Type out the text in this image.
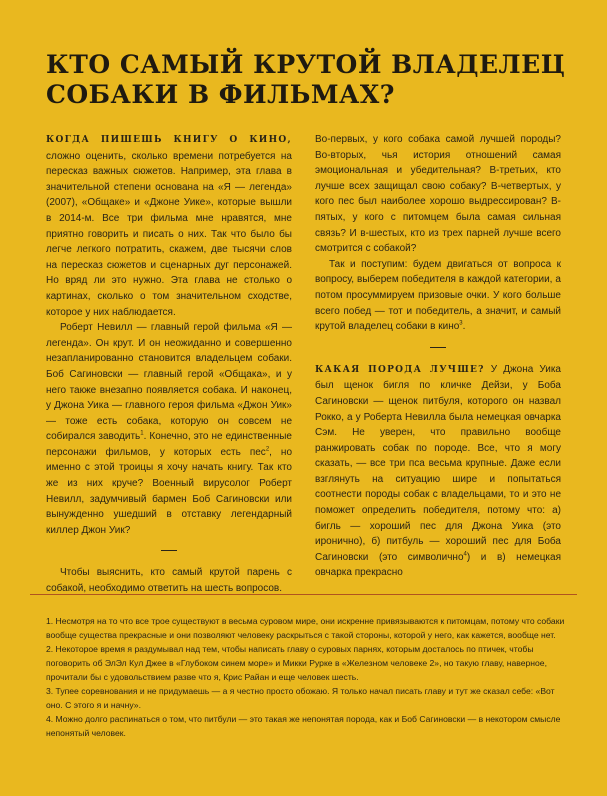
КТО САМЫЙ КРУТОЙ ВЛАДЕЛЕЦ СОБАКИ В ФИЛЬМАХ?

КОГДА ПИШЕШЬ КНИГУ О КИНО, сложно оценить, сколько времени потребуется на пересказ важных сюжетов. Например, эта глава в значительной степени основана на «Я — легенда» (2007), «Общаке» и «Джоне Уике», которые вышли в 2014-м. Все три фильма мне нравятся, мне приятно говорить и писать о них. Так что было бы легче легкого потратить, скажем, две тысячи слов на пересказ сюжетов и сценарных дуг персонажей. Но вряд ли это нужно. Эта глава не столько о картинах, сколько о том значительном сходстве, которое у них наблюдается.

Роберт Невилл — главный герой фильма «Я — легенда». Он крут. И он неожиданно и совершенно незапланированно становится владельцем собаки. Боб Сагиновски — главный герой «Общака», и у него также внезапно появляется собака. И наконец, у Джона Уика — главного героя фильма «Джон Уик» — тоже есть собака, которую он совсем не собирался заводить$^1$. Конечно, это не единственные персонажи фильмов, у которых есть пес$^2$, но именно с этой троицы я хочу начать книгу. Так кто же из них круче? Военный вирусолог Роберт Невилл, задумчивый бармен Боб Сагиновски или вынужденно ушедший в отставку легендарный киллер Джон Уик?

Чтобы выяснить, кто самый крутой парень с собакой, необходимо ответить на шесть вопросов.

Во-первых, у кого собака самой лучшей породы? Во-вторых, чья история отношений самая эмоциональная и убедительная? В-третьих, кто лучше всех защищал свою собаку? В-четвертых, у кого пес был наиболее хорошо выдрессирован? В-пятых, у кого с питомцем была самая сильная связь? И в-шестых, кто из трех парней лучше всего смотрится с собакой?

Так и поступим: будем двигаться от вопроса к вопросу, выберем победителя в каждой категории, а потом просуммируем призовые очки. У кого больше всего побед — тот и победитель, а значит, и самый крутой владелец собаки в кино$^3$.

КАКАЯ ПОРОДА ЛУЧШЕ? У Джона Уика был щенок бигля по кличке Дейзи, у Боба Сагиновски — щенок питбуля, которого он назвал Рокко, а у Роберта Невилла была немецкая овчарка Сэм. Не уверен, что правильно вообще ранжировать собак по породе. Все, что я могу сказать, — все три пса весьма крупные. Даже если взглянуть на ситуацию шире и попытаться соотнести породы собак с владельцами, то и это не поможет определить победителя, потому что: а) бигль — хороший пес для Джона Уика (это иронично), б) питбуль — хороший пес для Боба Сагиновски (это символично$^4$) и в) немецкая овчарка прекрасно

1. Несмотря на то что все трое существуют в весьма суровом мире, они искренне привязываются к питомцам, потому что собаки вообще существа прекрасные и они позволяют человеку раскрыться с такой стороны, которой у него, как кажется, вообще нет.

2. Некоторое время я раздумывал над тем, чтобы написать главу о суровых парнях, которым досталось по птичек, чтобы поговорить об ЭлЭл Кул Джее в «Глубоком синем море» и Микки Рурке в «Железном человеке 2», но такую главу, наверное, прочитали бы с удовольствием разве что я, Крис Райан и еще человек шесть.

3. Тупее соревнования и не придумаешь — а я честно просто обожаю. Я только начал писать главу и тут же сказал себе: «Вот оно. С этого я и начну».

4. Можно долго распинаться о том, что питбули — это такая же непонятая порода, как и Боб Сагиновски — в некотором смысле непонятый человек.
